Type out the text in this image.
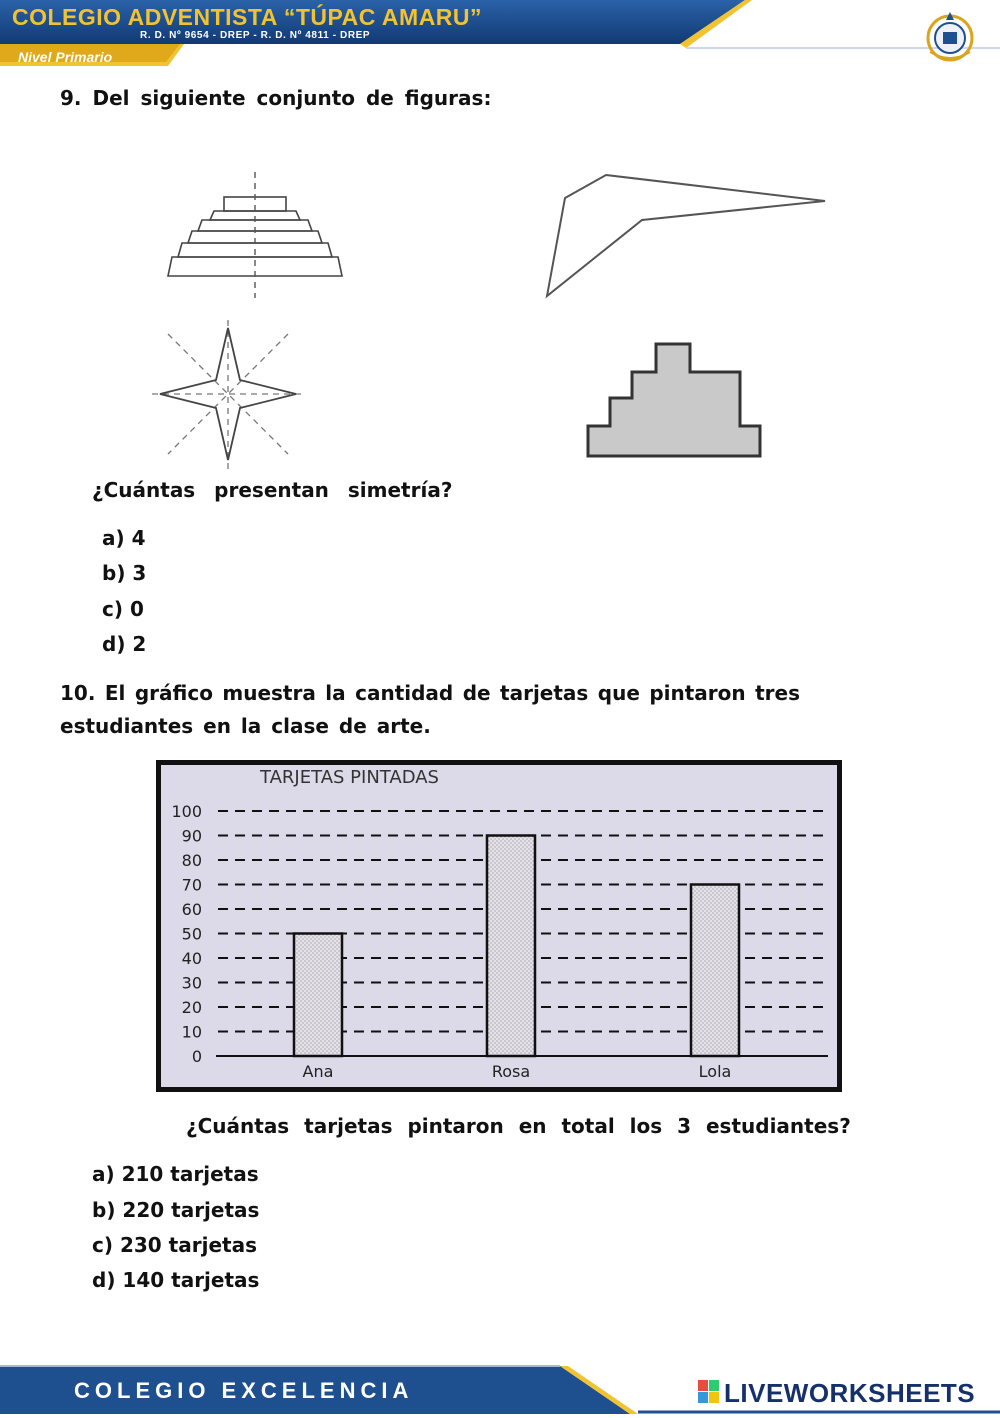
COLEGIO ADVENTISTA “TÚPAC AMARU”
R. D. Nº 9654 - DREP - R. D. Nº 4811 - DREP
Nivel Primario
9. Del siguiente conjunto de figuras:
¿Cuántas presentan simetría?
a) 4
b) 3
c) 0
d) 2
10. El gráfico muestra la cantidad de tarjetas que pintaron tres
estudiantes en la clase de arte.
TARJETAS PINTADAS
0
10
20
30
40
50
60
70
80
90
100
Ana	Rosa	Lola
¿Cuántas tarjetas pintaron en total los 3 estudiantes?
a) 210 tarjetas
b) 220 tarjetas
c) 230 tarjetas
d) 140 tarjetas
COLEGIO EXCELENCIA	LIVEWORKSHEETS
